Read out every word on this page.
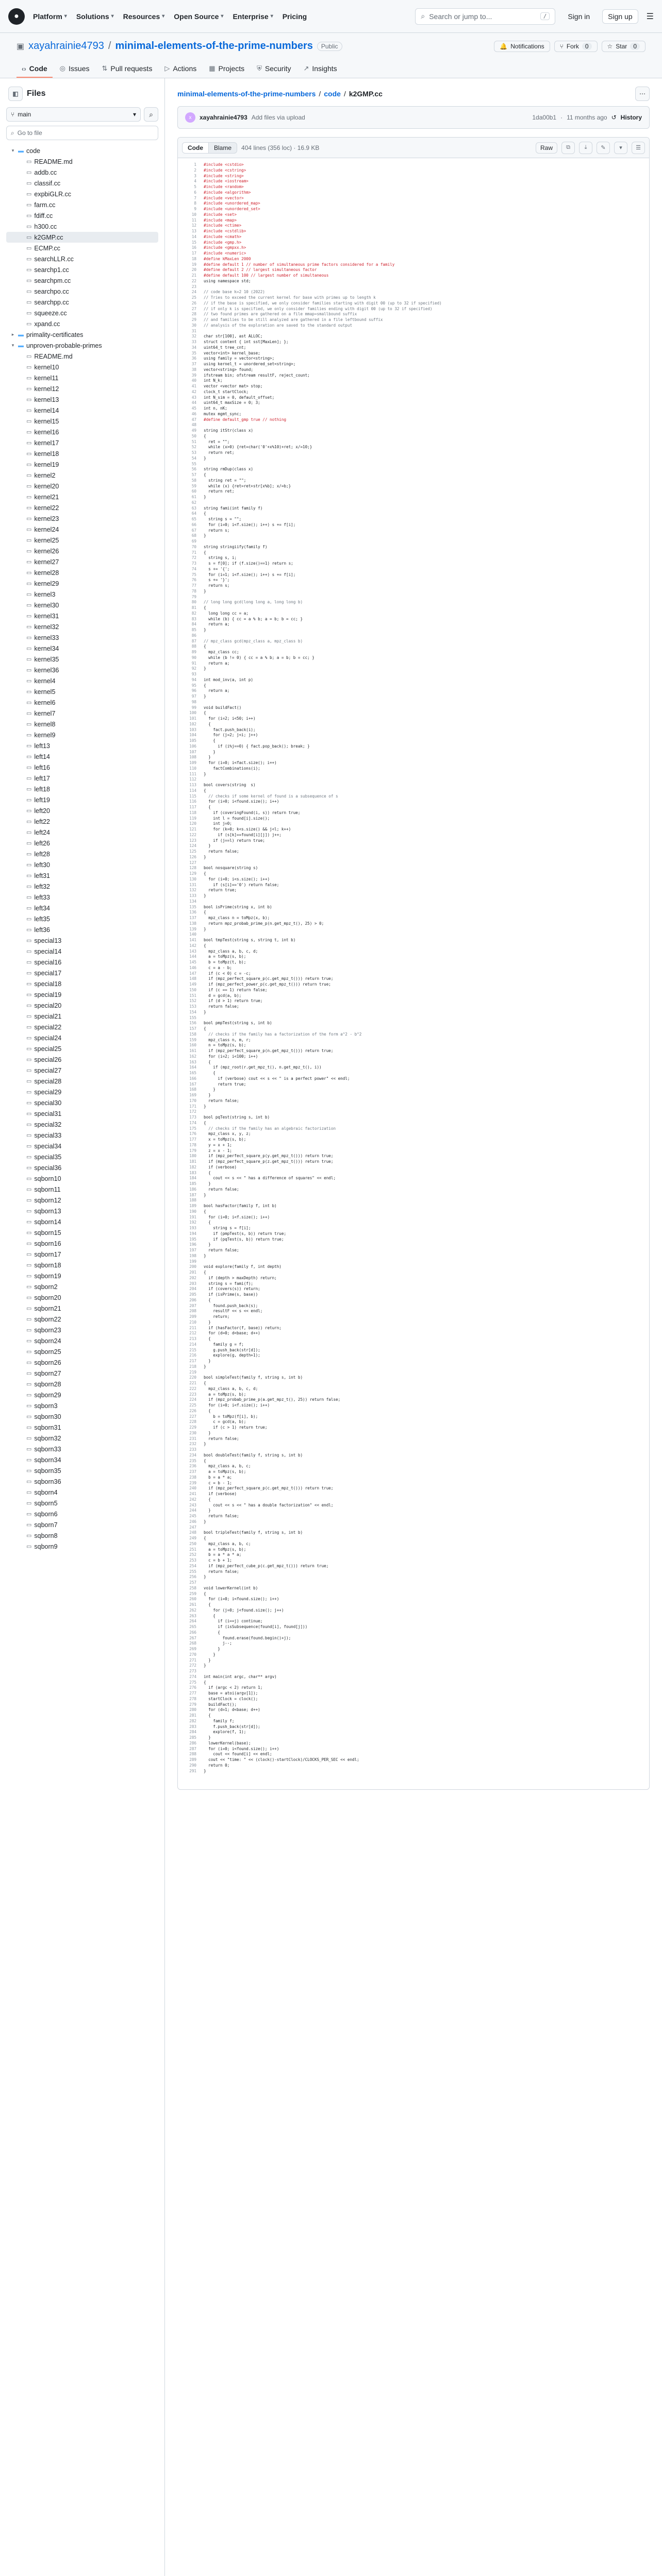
●	Platform ▾ Solutions ▾ Resources ▾ Open Source ▾ Enterprise ▾ Pricing	⌕ Search or jump to...	/	Sign in	Sign up	☰
▣ xayahrainie4793 / minimal-elements-of-the-prime-numbers	Public	🔔 Notifications	⑂ Fork	0	☆ Star	0
‹› Code ◎ Issues ⇅ Pull requests ▷ Actions ▦ Projects ⛨ Security ↗ Insights
◧	Files
⑂ main	▾	⌕
⌕ Go to file
▾ ▬ code
▭ README.md
▭ addb.cc
▭ classif.cc
▭ expbiGLR.cc
▭ farm.cc
▭ fdiff.cc
▭ h300.cc
▭ k2GMP.cc
▭ ECMP.cc
▭ searchLLR.cc
▭ searchp1.cc
▭ searchpm.cc
▭ searchpo.cc
▭ searchpp.cc
▭ squeeze.cc
▭ xpand.cc
▸ ▬ primality-certificates
▾ ▬ unproven-probable-primes
▭ README.md
▭ kernel10
▭ kernel11
▭ kernel12
▭ kernel13
▭ kernel14
▭ kernel15
▭ kernel16
▭ kernel17
▭ kernel18
▭ kernel19
▭ kernel2
▭ kernel20
▭ kernel21
▭ kernel22
▭ kernel23
▭ kernel24
▭ kernel25
▭ kernel26
▭ kernel27
▭ kernel28
▭ kernel29
▭ kernel3
▭ kernel30
▭ kernel31
▭ kernel32
▭ kernel33
▭ kernel34
▭ kernel35
▭ kernel36
▭ kernel4
▭ kernel5
▭ kernel6
▭ kernel7
▭ kernel8
▭ kernel9
▭ left13
▭ left14
▭ left16
▭ left17
▭ left18
▭ left19
▭ left20
▭ left22
▭ left24
▭ left26
▭ left28
▭ left30
▭ left31
▭ left32
▭ left33
▭ left34
▭ left35
▭ left36
▭ special13
▭ special14
▭ special16
▭ special17
▭ special18
▭ special19
▭ special20
▭ special21
▭ special22
▭ special24
▭ special25
▭ special26
▭ special27
▭ special28
▭ special29
▭ special30
▭ special31
▭ special32
▭ special33
▭ special34
▭ special35
▭ special36
▭ sqborn10
▭ sqborn11
▭ sqborn12
▭ sqborn13
▭ sqborn14
▭ sqborn15
▭ sqborn16
▭ sqborn17
▭ sqborn18
▭ sqborn19
▭ sqborn2
▭ sqborn20
▭ sqborn21
▭ sqborn22
▭ sqborn23
▭ sqborn24
▭ sqborn25
▭ sqborn26
▭ sqborn27
▭ sqborn28
▭ sqborn29
▭ sqborn3
▭ sqborn30
▭ sqborn31
▭ sqborn32
▭ sqborn33
▭ sqborn34
▭ sqborn35
▭ sqborn36
▭ sqborn4
▭ sqborn5
▭ sqborn6
▭ sqborn7
▭ sqborn8
▭ sqborn9
minimal-elements-of-the-prime-numbers / code / k2GMP.cc	⋯
x	xayahrainie4793 Add files via upload	1da00b1 · 11 months ago ↺ History
Code	Blame	404 lines (356 loc) · 16.9 KB	Raw	⧉	⤓	✎	▾	☰
1	#include <cstdio>
2	#include <cstring>
3	#include <string>
4	#include <iostream>
5	#include <random>
6	#include <algorithm>
7	#include <vector>
8	#include <unordered_map>
9	#include <unordered_set>
10	#include <set>
11	#include <map>
12	#include <ctime>
13	#include <cstdlib>
14	#include <cmath>
15	#include <gmp.h>
16	#include <gmpxx.h>
17	#include <numeric>
18	#define kMaxLen 2000
19	#define default 1 // number of simultaneous prime factors considered for a family
20	#define default 2 // largest simultaneous factor
21	#define default 100 // largest number of simultaneous
22	using namespace std;
23
24	// code base k=2 10 (2022)
25	// Tries to exceed the current kernel for base with primes up to length k
26	// if the base is specified, we only consider families starting with digit 00 (up to 32 if specified)
27	// if only k is specified, we only consider families ending with digit 00 (up to 32 if specified)
28	// two found primes are gathered on a file mmap=smallbound suffix
29	// and families to be still analyzed are gathered in a file leftbound suffix
30	// analysis of the exploration are saved to the standard output
31
32	char str[100], ast ALLOC;
33	struct content { int sst[MaxLen]; };
34	uint64_t tree_cnt;
35	vector<int> kernel_base;
36	using family = vector<string>;
37	using kernel_t = unordered_set<string>;
38	vector<string> found;
39	ifstream bin; ofstream resultF, reject_count;
40	int N_k;
41	vector <vector mat> stop;
42	clock_t startClock;
43	int N_sim = 0, default_offset;
44	uint64_t maxSize = 0; 3;
45	int n, nK;
46	mutex mgmt_sync;
47	#define default_gmp true // nothing
48
49	string itStr(class x)
50	{
51	ret = "";
52	while (x>0) {ret=char('0'+x%10)+ret; x/=10;}
53	return ret;
54	}
55
56	string rmDup(class x)
57	{
58	string ret = "";
59	while (x) {ret=ret+str[x%b]; x/=b;}
60	return ret;
61	}
62
63	string fami(int family f)
64	{
65	string s = "";
66	for (i=0; i<f.size(); i++) s += f[i];
67	return s;
68	}
69
70	string stringiify(family f)
71	{
72	string s, i;
73	s = f[0]; if (f.size()==1) return s;
74	s += '{';
75	for (i=1; i<f.size(); i++) s += f[i];
76	s += '}';
77	return s;
78	}
79
80	// long long gcd(long long a, long long b)
81	{
82	long long cc = a;
83	while (b) { cc = a % b; a = b; b = cc; }
84	return a;
85	}
86
87	// mpz_class gcd(mpz_class a, mpz_class b)
88	{
89	mpz_class cc;
90	while (b != 0) { cc = a % b; a = b; b = cc; }
91	return a;
92	}
93
94	int mod_inv(a, int p)
95	{
96	return a;
97	}
98
99	void buildFact()
100	{
101	for (i=2; i<50; i++)
102	{
103	fact.push_back(i);
104	for (j=2; j<i; j++)
105	{
106	if (i%j==0) { fact.pop_back(); break; }
107	}
108	}
109	for (i=0; i<fact.size(); i++)
110	factCombinations(i);
111	}
112
113	bool covers(string  s)
114	{
115	// checks if some kernel of found is a subsequence of s
116	for (i=0; i<found.size(); i++)
117	{
118	if (coveringFound(i, s)) return true;
119	int l = found[i].size();
120	int j=0;
121	for (k=0; k<s.size() && j<l; k++)
122	if (s[k]==found[i][j]) j++;
123	if (j==l) return true;
124	}
125	return false;
126	}
127
128	bool nosquare(string s)
129	{
130	for (i=0; i<s.size(); i++)
131	if (s[i]=='0') return false;
132	return true;
133	}
134
135	bool isPrime(string x, int b)
136	{
137	mpz_class n = toMpz(x, b);
138	return mpz_probab_prime_p(n.get_mpz_t(), 25) > 0;
139	}
140
141	bool tmpTest(string s, string t, int b)
142	{
143	mpz_class a, b, c, d;
144	a = toMpz(s, b);
145	b = toMpz(t, b);
146	c = a - b;
147	if (c < 0) c = -c;
148	if (mpz_perfect_square_p(c.get_mpz_t())) return true;
149	if (mpz_perfect_power_p(c.get_mpz_t())) return true;
150	if (c == 1) return false;
151	d = gcd(a, b);
152	if (d > 1) return true;
153	return false;
154	}
155
156	bool pmpTest(string s, int b)
157	{
158	// checks if the family has a factorization of the form a^2 - b^2
159	mpz_class n, m, r;
160	n = toMpz(s, b);
161	if (mpz_perfect_square_p(n.get_mpz_t())) return true;
162	for (i=2; i<100; i++)
163	{
164	if (mpz_root(r.get_mpz_t(), n.get_mpz_t(), i))
165	{
166	if (verbose) cout << s << " is a perfect power" << endl;
167	return true;
168	}
169	}
170	return false;
171	}
172
173	bool pqTest(string s, int b)
174	{
175	// checks if the family has an algebraic factorization
176	mpz_class x, y, z;
177	x = toMpz(s, b);
178	y = x + 1;
179	z = x - 1;
180	if (mpz_perfect_square_p(y.get_mpz_t())) return true;
181	if (mpz_perfect_square_p(z.get_mpz_t())) return true;
182	if (verbose)
183	{
184	cout << s << " has a difference of squares" << endl;
185	}
186	return false;
187	}
188
189	bool hasFactor(family f, int b)
190	{
191	for (i=0; i<f.size(); i++)
192	{
193	string s = f[i];
194	if (pmpTest(s, b)) return true;
195	if (pqTest(s, b)) return true;
196	}
197	return false;
198	}
199
200	void explore(family f, int depth)
201	{
202	if (depth > maxDepth) return;
203	string s = fami(f);
204	if (covers(s)) return;
205	if (isPrime(s, base))
206	{
207	found.push_back(s);
208	resultF << s << endl;
209	return;
210	}
211	if (hasFactor(f, base)) return;
212	for (d=0; d<base; d++)
213	{
214	family g = f;
215	g.push_back(str[d]);
216	explore(g, depth+1);
217	}
218	}
219
220	bool simpleTest(family f, string s, int b)
221	{
222	mpz_class a, b, c, d;
223	a = toMpz(s, b);
224	if (mpz_probab_prime_p(a.get_mpz_t(), 25)) return false;
225	for (i=0; i<f.size(); i++)
226	{
227	b = toMpz(f[i], b);
228	c = gcd(a, b);
229	if (c > 1) return true;
230	}
231	return false;
232	}
233
234	bool doubleTest(family f, string s, int b)
235	{
236	mpz_class a, b, c;
237	a = toMpz(s, b);
238	b = a * a;
239	c = b - 1;
240	if (mpz_perfect_square_p(c.get_mpz_t())) return true;
241	if (verbose)
242	{
243	cout << s << " has a double factorization" << endl;
244	}
245	return false;
246	}
247
248	bool tripleTest(family f, string s, int b)
249	{
250	mpz_class a, b, c;
251	a = toMpz(s, b);
252	b = a * a * a;
253	c = b + 1;
254	if (mpz_perfect_cube_p(c.get_mpz_t())) return true;
255	return false;
256	}
257
258	void lowerKernel(int b)
259	{
260	for (i=0; i<found.size(); i++)
261	{
262	for (j=0; j<found.size(); j++)
263	{
264	if (i==j) continue;
265	if (isSubsequence(found[i], found[j]))
266	{
267	found.erase(found.begin()+j);
268	j--;
269	}
270	}
271	}
272	}
273
274	int main(int argc, char** argv)
275	{
276	if (argc < 2) return 1;
277	base = atoi(argv[1]);
278	startClock = clock();
279	buildFact();
280	for (d=1; d<base; d++)
281	{
282	family f;
283	f.push_back(str[d]);
284	explore(f, 1);
285	}
286	lowerKernel(base);
287	for (i=0; i<found.size(); i++)
288	cout << found[i] << endl;
289	cout << "time: " << (clock()-startClock)/CLOCKS_PER_SEC << endl;
290	return 0;
291	}
